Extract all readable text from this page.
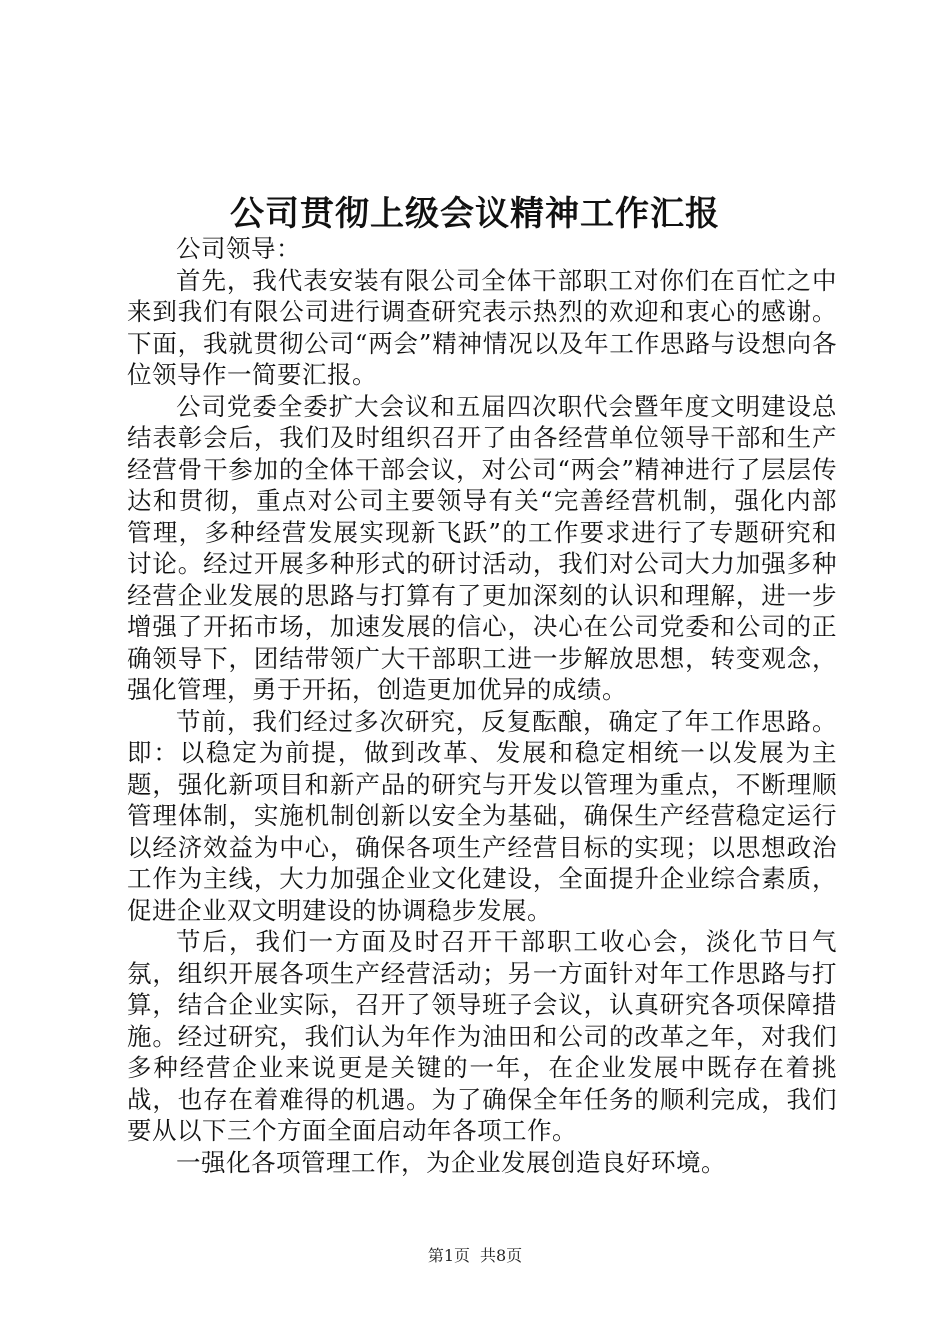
公司贯彻上级会议精神工作汇报

公司领导：

首先，我代表安装有限公司全体干部职工对你们在百忙之中来到我们有限公司进行调查研究表示热烈的欢迎和衷心的感谢。下面，我就贯彻公司“两会”精神情况以及年工作思路与设想向各位领导作一简要汇报。

公司党委全委扩大会议和五届四次职代会暨年度文明建设总结表彰会后，我们及时组织召开了由各经营单位领导干部和生产经营骨干参加的全体干部会议，对公司“两会”精神进行了层层传达和贯彻，重点对公司主要领导有关“完善经营机制，强化内部管理，多种经营发展实现新飞跃”的工作要求进行了专题研究和讨论。经过开展多种形式的研讨活动，我们对公司大力加强多种经营企业发展的思路与打算有了更加深刻的认识和理解，进一步增强了开拓市场，加速发展的信心，决心在公司党委和公司的正确领导下，团结带领广大干部职工进一步解放思想，转变观念，强化管理，勇于开拓，创造更加优异的成绩。

节前，我们经过多次研究，反复酝酿，确定了年工作思路。即：以稳定为前提，做到改革、发展和稳定相统一以发展为主题，强化新项目和新产品的研究与开发以管理为重点，不断理顺管理体制，实施机制创新以安全为基础，确保生产经营稳定运行以经济效益为中心，确保各项生产经营目标的实现；以思想政治工作为主线，大力加强企业文化建设，全面提升企业综合素质，促进企业双文明建设的协调稳步发展。

节后，我们一方面及时召开干部职工收心会，淡化节日气氛，组织开展各项生产经营活动；另一方面针对年工作思路与打算，结合企业实际，召开了领导班子会议，认真研究各项保障措施。经过研究，我们认为年作为油田和公司的改革之年，对我们多种经营企业来说更是关键的一年，在企业发展中既存在着挑战，也存在着难得的机遇。为了确保全年任务的顺利完成，我们要从以下三个方面全面启动年各项工作。

一强化各项管理工作，为企业发展创造良好环境。

第1页 共8页
